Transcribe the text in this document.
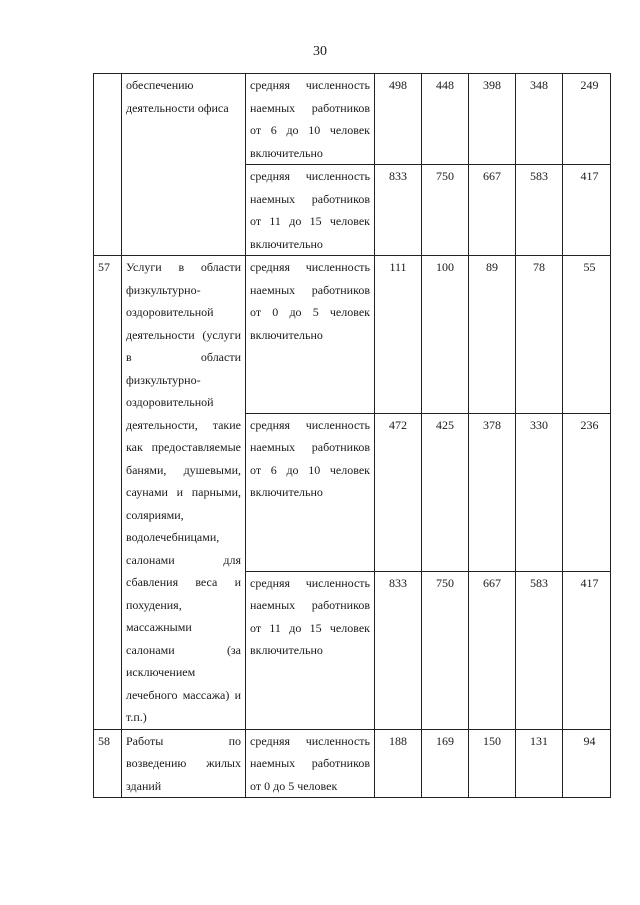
30
	обеспечению деятельности офиса	средняя численность наемных работников от 6 до 10 человек включительно	498	448	398	348	249
		средняя численность наемных работников от 11 до 15 человек включительно	833	750	667	583	417
57	Услуги в области физкультурно-оздоровительной деятельности (услуги в области физкультурно-оздоровительной деятельности, такие как предоставляемые банями, душевыми, саунами и парными, соляриями, водолечебницами, салонами для сбавления веса и похудения, массажными салонами (за исключением лечебного массажа) и т.п.)	средняя численность наемных работников от 0 до 5 человек включительно	111	100	89	78	55
		средняя численность наемных работников от 6 до 10 человек включительно	472	425	378	330	236
		средняя численность наемных работников от 11 до 15 человек включительно	833	750	667	583	417
58	Работы по возведению жилых зданий	средняя численность наемных работников от 0 до 5 человек	188	169	150	131	94
